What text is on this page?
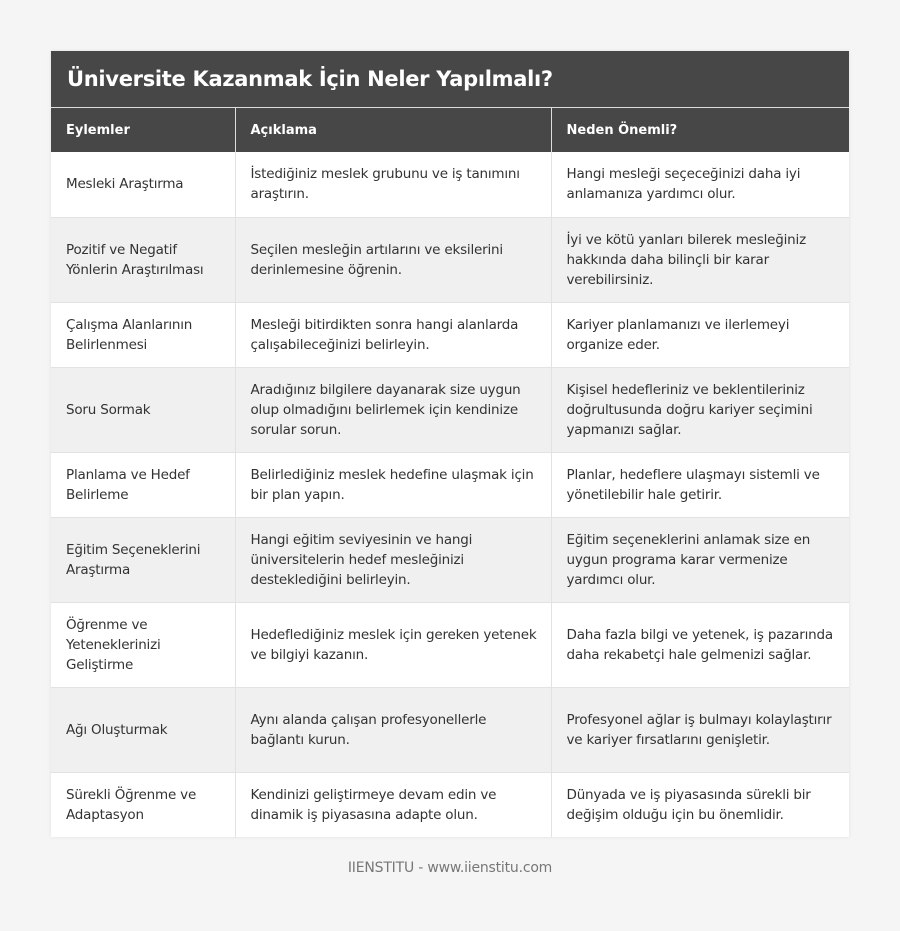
Üniversite Kazanmak İçin Neler Yapılmalı?
Eylemler	Açıklama	Neden Önemli?
Mesleki Araştırma	İstediğiniz meslek grubunu ve iş tanımını araştırın.	Hangi mesleği seçeceğinizi daha iyi anlamanıza yardımcı olur.
Pozitif ve Negatif Yönlerin Araştırılması	Seçilen mesleğin artılarını ve eksilerini derinlemesine öğrenin.	İyi ve kötü yanları bilerek mesleğiniz hakkında daha bilinçli bir karar verebilirsiniz.
Çalışma Alanlarının Belirlenmesi	Mesleği bitirdikten sonra hangi alanlarda çalışabileceğinizi belirleyin.	Kariyer planlamanızı ve ilerlemeyi organize eder.
Soru Sormak	Aradığınız bilgilere dayanarak size uygun olup olmadığını belirlemek için kendinize sorular sorun.	Kişisel hedefleriniz ve beklentileriniz doğrultusunda doğru kariyer seçimini yapmanızı sağlar.
Planlama ve Hedef Belirleme	Belirlediğiniz meslek hedefine ulaşmak için bir plan yapın.	Planlar, hedeflere ulaşmayı sistemli ve yönetilebilir hale getirir.
Eğitim Seçeneklerini Araştırma	Hangi eğitim seviyesinin ve hangi üniversitelerin hedef mesleğinizi desteklediğini belirleyin.	Eğitim seçeneklerini anlamak size en uygun programa karar vermenize yardımcı olur.
Öğrenme ve Yeteneklerinizi Geliştirme	Hedeflediğiniz meslek için gereken yetenek ve bilgiyi kazanın.	Daha fazla bilgi ve yetenek, iş pazarında daha rekabetçi hale gelmenizi sağlar.
Ağı Oluşturmak	Aynı alanda çalışan profesyonellerle bağlantı kurun.	Profesyonel ağlar iş bulmayı kolaylaştırır ve kariyer fırsatlarını genişletir.
Sürekli Öğrenme ve Adaptasyon	Kendinizi geliştirmeye devam edin ve dinamik iş piyasasına adapte olun.	Dünyada ve iş piyasasında sürekli bir değişim olduğu için bu önemlidir.
IIENSTITU - www.iienstitu.com
